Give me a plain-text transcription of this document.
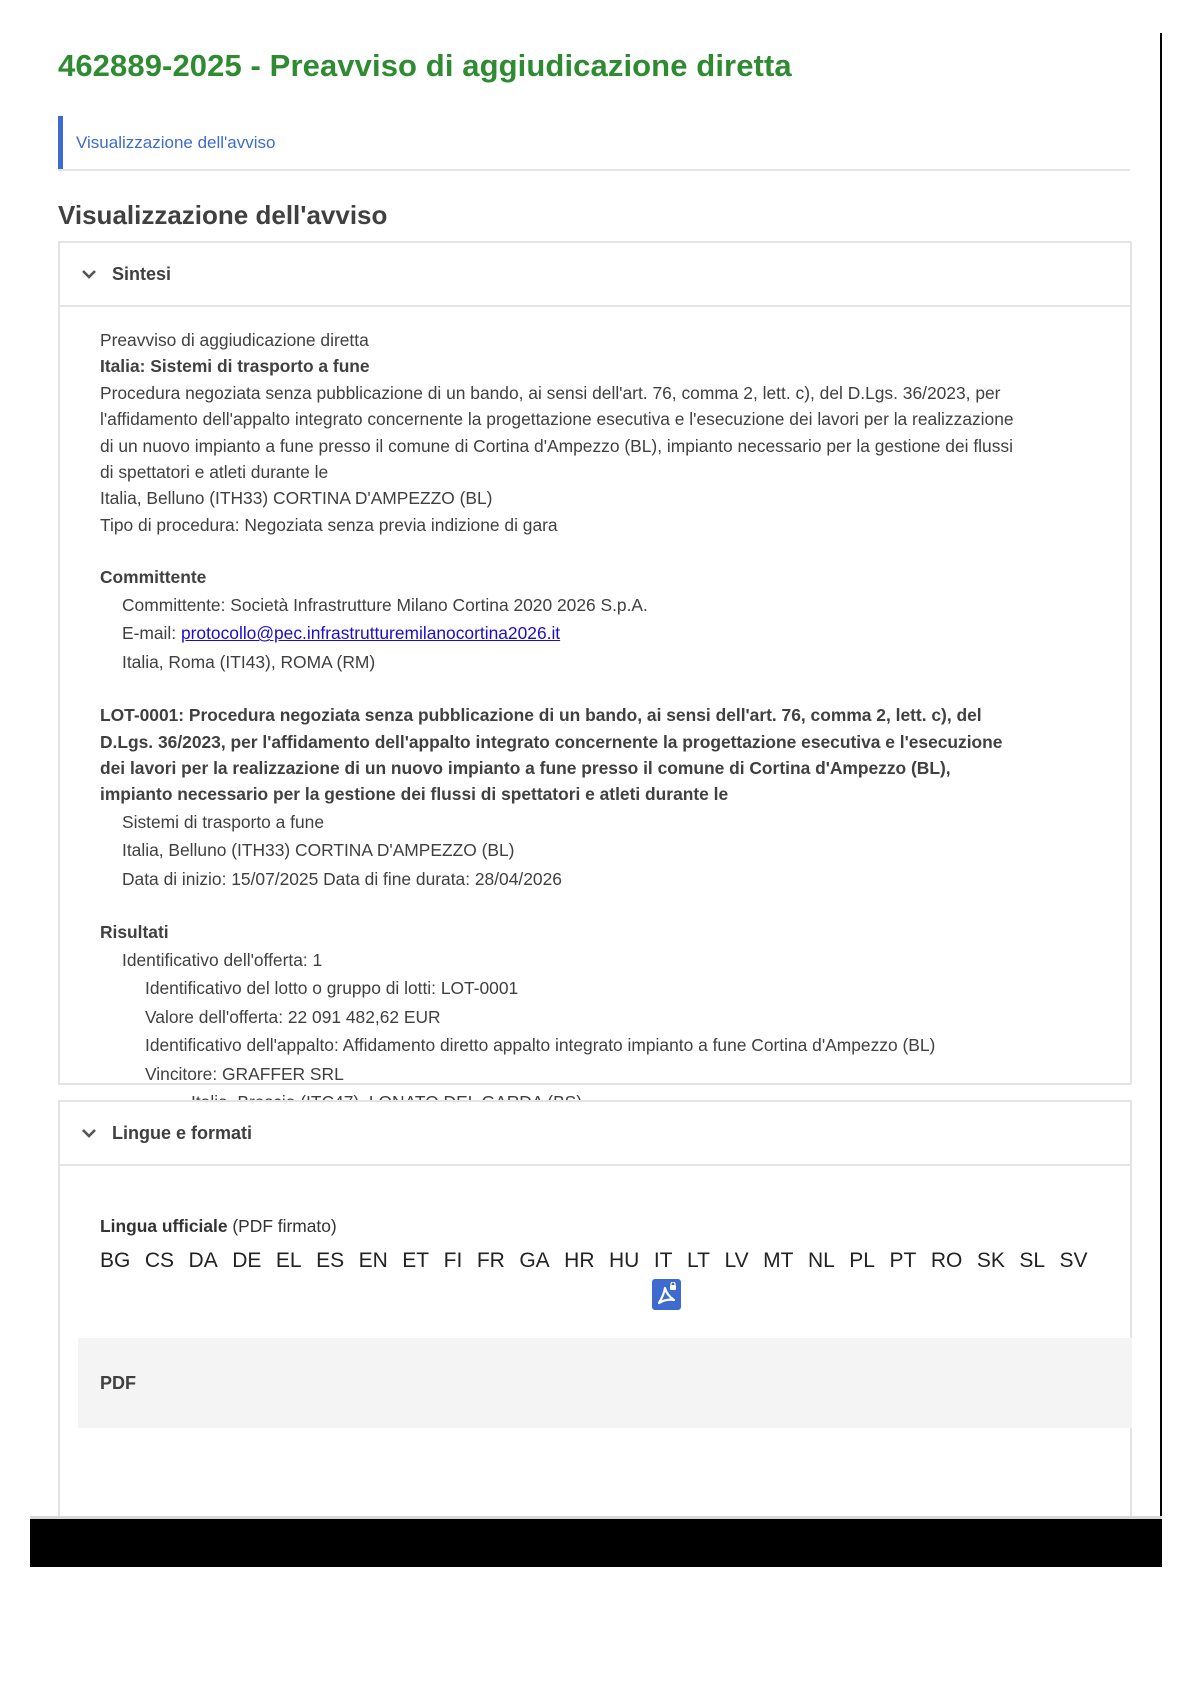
462889-2025 - Preavviso di aggiudicazione diretta
Visualizzazione dell'avviso
Visualizzazione dell'avviso
Sintesi
Preavviso di aggiudicazione diretta
Italia: Sistemi di trasporto a fune
Procedura negoziata senza pubblicazione di un bando, ai sensi dell'art. 76, comma 2, lett. c), del D.Lgs. 36/2023, per
l'affidamento dell'appalto integrato concernente la progettazione esecutiva e l'esecuzione dei lavori per la realizzazione
di un nuovo impianto a fune presso il comune di Cortina d'Ampezzo (BL), impianto necessario per la gestione dei flussi
di spettatori e atleti durante le
Italia, Belluno (ITH33) CORTINA D'AMPEZZO (BL)
Tipo di procedura: Negoziata senza previa indizione di gara
Committente
Committente: Società Infrastrutture Milano Cortina 2020 2026 S.p.A.
E-mail: protocollo@pec.infrastrutturemilanocortina2026.it
Italia, Roma (ITI43), ROMA (RM)
LOT-0001: Procedura negoziata senza pubblicazione di un bando, ai sensi dell'art. 76, comma 2, lett. c), del
D.Lgs. 36/2023, per l'affidamento dell'appalto integrato concernente la progettazione esecutiva e l'esecuzione
dei lavori per la realizzazione di un nuovo impianto a fune presso il comune di Cortina d'Ampezzo (BL),
impianto necessario per la gestione dei flussi di spettatori e atleti durante le
Sistemi di trasporto a fune
Italia, Belluno (ITH33) CORTINA D'AMPEZZO (BL)
Data di inizio: 15/07/2025 Data di fine durata: 28/04/2026
Risultati
Identificativo dell'offerta: 1
Identificativo del lotto o gruppo di lotti: LOT-0001
Valore dell'offerta: 22 091 482,62 EUR
Identificativo dell'appalto: Affidamento diretto appalto integrato impianto a fune Cortina d'Ampezzo (BL)
Vincitore: GRAFFER SRL
Lingue e formati
Lingua ufficiale (PDF firmato)
BG CS DA DE EL ES EN ET FI FR GA HR HU IT LT LV MT NL PL PT RO SK SL SV
PDF
